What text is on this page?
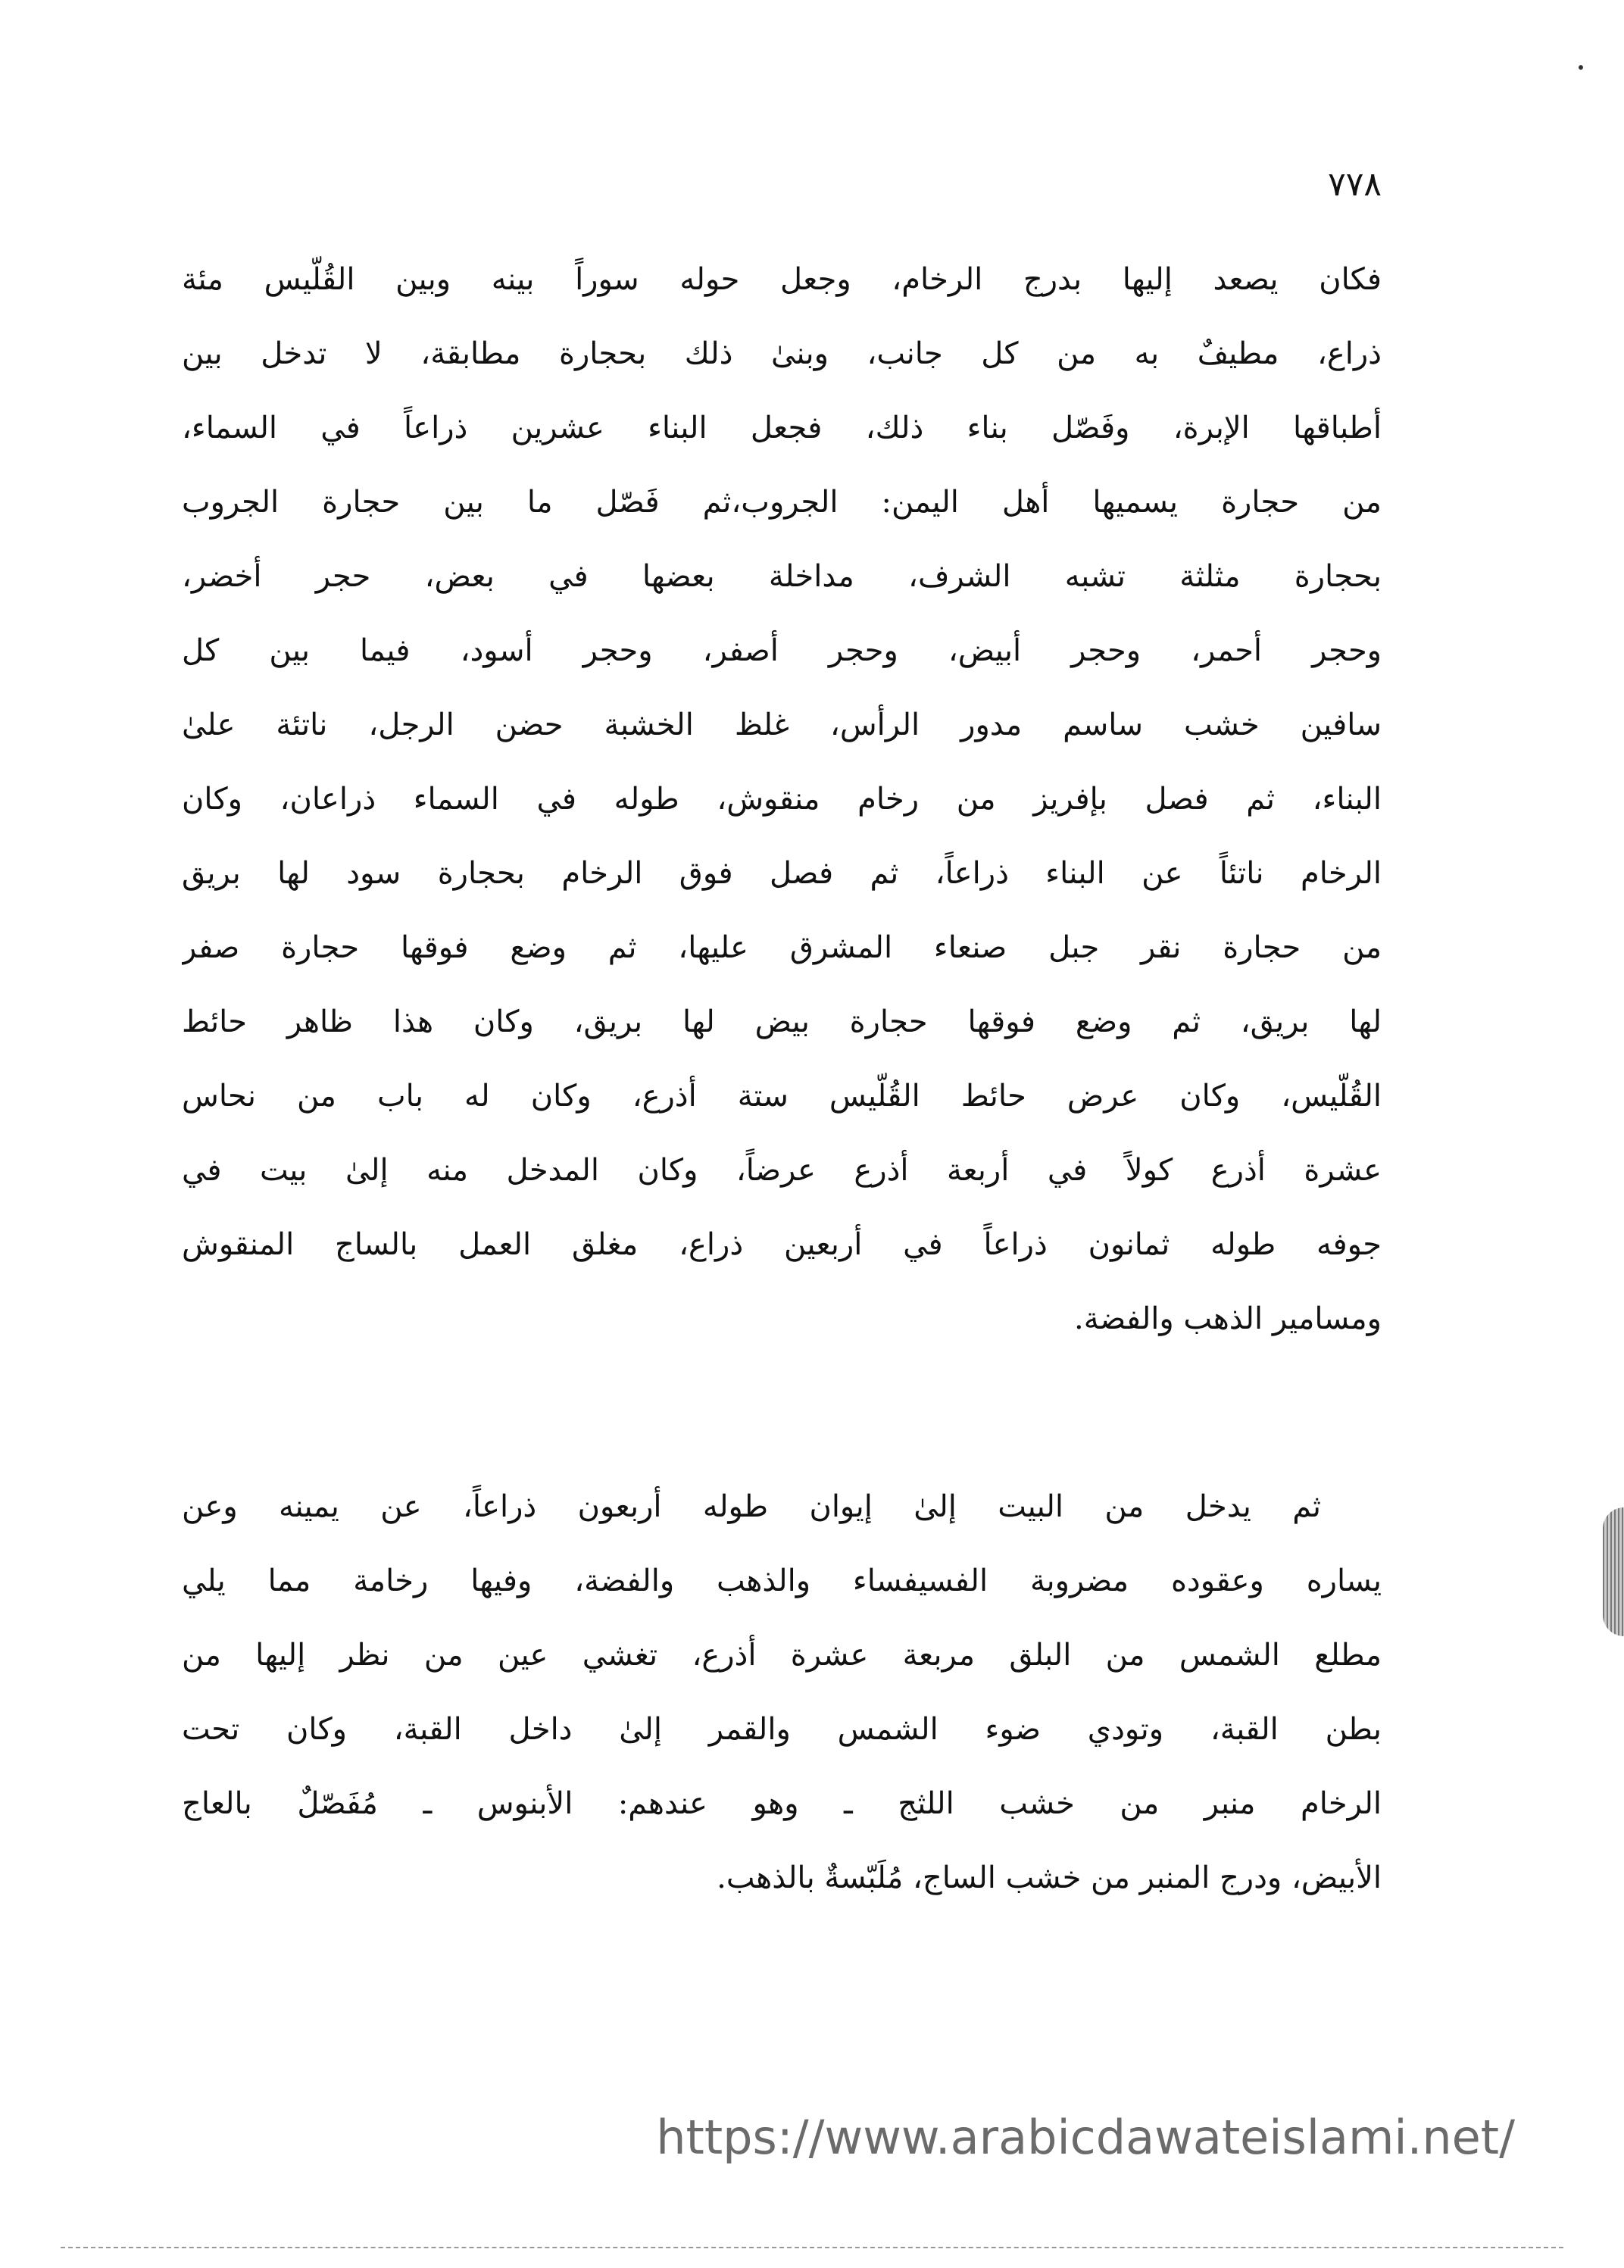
٧٧٨
فكان يصعد إليها بدرج الرخام، وجعل حوله سوراً بينه وبين القُلّيس مئة
ذراع، مطيفٌ به من كل جانب، وبنىٰ ذلك بحجارة مطابقة، لا تدخل بين
أطباقها الإبرة، وفَصّل بناء ذلك، فجعل البناء عشرين ذراعاً في السماء،
من حجارة يسميها أهل اليمن: الجروب،ثم فَصّل ما بين حجارة الجروب
بحجارة مثلثة تشبه الشرف، مداخلة بعضها في بعض، حجر أخضر،
وحجر أحمر، وحجر أبيض، وحجر أصفر، وحجر أسود، فيما بين كل
سافين خشب ساسم مدور الرأس، غلظ الخشبة حضن الرجل، ناتئة علىٰ
البناء، ثم فصل بإفريز من رخام منقوش، طوله في السماء ذراعان، وكان
الرخام ناتئاً عن البناء ذراعاً، ثم فصل فوق الرخام بحجارة سود لها بريق
من حجارة نقر جبل صنعاء المشرق عليها، ثم وضع فوقها حجارة صفر
لها بريق، ثم وضع فوقها حجارة بيض لها بريق، وكان هذا ظاهر حائط
القُلّيس، وكان عرض حائط القُلّيس ستة أذرع، وكان له باب من نحاس
عشرة أذرع كولاً في أربعة أذرع عرضاً، وكان المدخل منه إلىٰ بيت في
جوفه طوله ثمانون ذراعاً في أربعين ذراع، مغلق العمل بالساج المنقوش
ومسامير الذهب والفضة.
ثم يدخل من البيت إلىٰ إيوان طوله أربعون ذراعاً، عن يمينه وعن
يساره وعقوده مضروبة الفسيفساء والذهب والفضة، وفيها رخامة مما يلي
مطلع الشمس من البلق مربعة عشرة أذرع، تغشي عين من نظر إليها من
بطن القبة، وتودي ضوء الشمس والقمر إلىٰ داخل القبة، وكان تحت
الرخام منبر من خشب اللثج ـ وهو عندهم: الأبنوس ـ مُفَصّلٌ بالعاج
الأبيض، ودرج المنبر من خشب الساج، مُلَبّسةٌ بالذهب.
https://www.arabicdawateislami.net/
